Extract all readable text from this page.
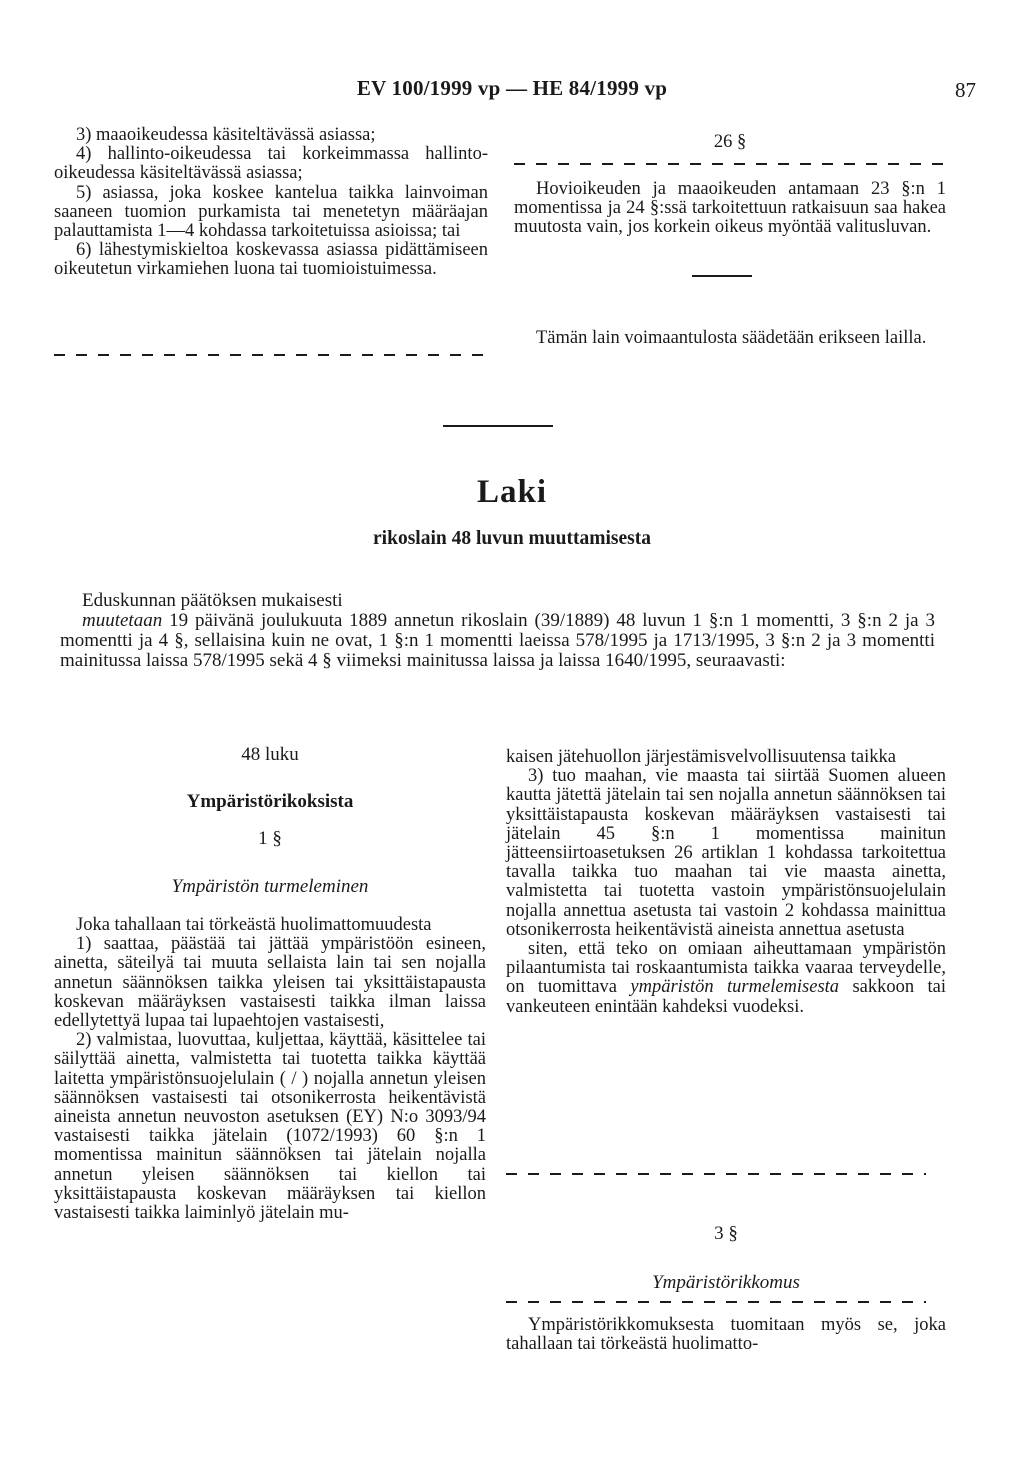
EV 100/1999 vp — HE 84/1999 vp	87

3) maaoikeudessa käsiteltävässä asiassa;

4) hallinto-oikeudessa tai korkeimmassa hallinto-oikeudessa käsiteltävässä asiassa;

5) asiassa, joka koskee kantelua taikka lainvoiman saaneen tuomion purkamista tai menetetyn määräajan palauttamista 1—4 kohdassa tarkoitetuissa asioissa; tai

6) lähestymiskieltoa koskevassa asiassa pidättämiseen oikeutetun virkamiehen luona tai tuomioistuimessa.

26 §

Hovioikeuden ja maaoikeuden antamaan 23 §:n 1 momentissa ja 24 §:ssä tarkoitettuun ratkaisuun saa hakea muutosta vain, jos korkein oikeus myöntää valitusluvan.

Tämän lain voimaantulosta säädetään erikseen lailla.

Laki
rikoslain 48 luvun muuttamisesta

Eduskunnan päätöksen mukaisesti

muutetaan 19 päivänä joulukuuta 1889 annetun rikoslain (39/1889) 48 luvun 1 §:n 1 momentti, 3 §:n 2 ja 3 momentti ja 4 §, sellaisina kuin ne ovat, 1 §:n 1 momentti laeissa 578/1995 ja 1713/1995, 3 §:n 2 ja 3 momentti mainitussa laissa 578/1995 sekä 4 § viimeksi mainitussa laissa ja laissa 1640/1995, seuraavasti:

48 luku
Ympäristörikoksista
1 §
Ympäristön turmeleminen

Joka tahallaan tai törkeästä huolimattomuudesta

1) saattaa, päästää tai jättää ympäristöön esineen, ainetta, säteilyä tai muuta sellaista lain tai sen nojalla annetun säännöksen taikka yleisen tai yksittäistapausta koskevan määräyksen vastaisesti taikka ilman laissa edellytettyä lupaa tai lupaehtojen vastaisesti,

2) valmistaa, luovuttaa, kuljettaa, käyttää, käsittelee tai säilyttää ainetta, valmistetta tai tuotetta taikka käyttää laitetta ympäristönsuojelulain ( / ) nojalla annetun yleisen säännöksen vastaisesti tai otsonikerrosta heikentävistä aineista annetun neuvoston asetuksen (EY) N:o 3093/94 vastaisesti taikka jätelain (1072/1993) 60 §:n 1 momentissa mainitun säännöksen tai jätelain nojalla annetun yleisen säännöksen tai kiellon tai yksittäistapausta koskevan määräyksen tai kiellon vastaisesti taikka laiminlyö jätelain mu-

kaisen jätehuollon järjestämisvelvollisuutensa taikka

3) tuo maahan, vie maasta tai siirtää Suomen alueen kautta jätettä jätelain tai sen nojalla annetun säännöksen tai yksittäistapausta koskevan määräyksen vastaisesti tai jätelain 45 §:n 1 momentissa mainitun jätteensiirtoasetuksen 26 artiklan 1 kohdassa tarkoitettua tavalla taikka tuo maahan tai vie maasta ainetta, valmistetta tai tuotetta vastoin ympäristönsuojelulain nojalla annettua asetusta tai vastoin 2 kohdassa mainittua otsonikerrosta heikentävistä aineista annettua asetusta

siten, että teko on omiaan aiheuttamaan ympäristön pilaantumista tai roskaantumista taikka vaaraa terveydelle, on tuomittava ympäristön turmelemisesta sakkoon tai vankeuteen enintään kahdeksi vuodeksi.

3 §
Ympäristörikkomus

Ympäristörikkomuksesta tuomitaan myös se, joka tahallaan tai törkeästä huolimatto-
